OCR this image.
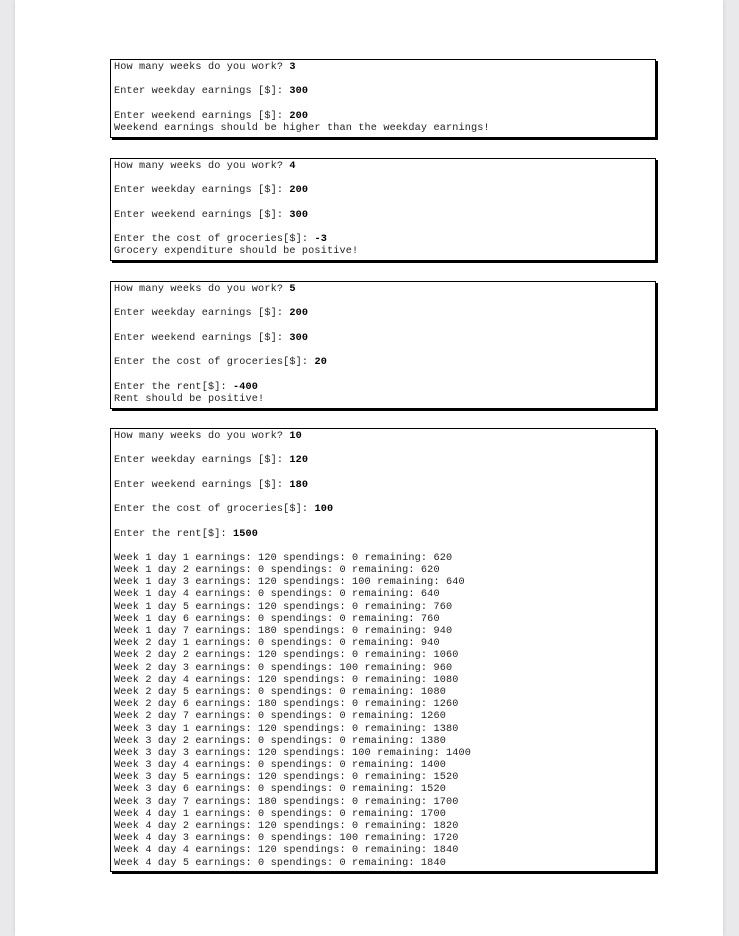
How many weeks do you work? 3
Enter weekday earnings [$]: 300
Enter weekend earnings [$]: 200
Weekend earnings should be higher than the weekday earnings!
How many weeks do you work? 4
Enter weekday earnings [$]: 200
Enter weekend earnings [$]: 300
Enter the cost of groceries[$]: -3
Grocery expenditure should be positive!
How many weeks do you work? 5
Enter weekday earnings [$]: 200
Enter weekend earnings [$]: 300
Enter the cost of groceries[$]: 20
Enter the rent[$]: -400
Rent should be positive!
How many weeks do you work? 10
Enter weekday earnings [$]: 120
Enter weekend earnings [$]: 180
Enter the cost of groceries[$]: 100
Enter the rent[$]: 1500
Week 1 day 1 earnings: 120 spendings: 0 remaining: 620
Week 1 day 2 earnings: 0 spendings: 0 remaining: 620
Week 1 day 3 earnings: 120 spendings: 100 remaining: 640
Week 1 day 4 earnings: 0 spendings: 0 remaining: 640
Week 1 day 5 earnings: 120 spendings: 0 remaining: 760
Week 1 day 6 earnings: 0 spendings: 0 remaining: 760
Week 1 day 7 earnings: 180 spendings: 0 remaining: 940
Week 2 day 1 earnings: 0 spendings: 0 remaining: 940
Week 2 day 2 earnings: 120 spendings: 0 remaining: 1060
Week 2 day 3 earnings: 0 spendings: 100 remaining: 960
Week 2 day 4 earnings: 120 spendings: 0 remaining: 1080
Week 2 day 5 earnings: 0 spendings: 0 remaining: 1080
Week 2 day 6 earnings: 180 spendings: 0 remaining: 1260
Week 2 day 7 earnings: 0 spendings: 0 remaining: 1260
Week 3 day 1 earnings: 120 spendings: 0 remaining: 1380
Week 3 day 2 earnings: 0 spendings: 0 remaining: 1380
Week 3 day 3 earnings: 120 spendings: 100 remaining: 1400
Week 3 day 4 earnings: 0 spendings: 0 remaining: 1400
Week 3 day 5 earnings: 120 spendings: 0 remaining: 1520
Week 3 day 6 earnings: 0 spendings: 0 remaining: 1520
Week 3 day 7 earnings: 180 spendings: 0 remaining: 1700
Week 4 day 1 earnings: 0 spendings: 0 remaining: 1700
Week 4 day 2 earnings: 120 spendings: 0 remaining: 1820
Week 4 day 3 earnings: 0 spendings: 100 remaining: 1720
Week 4 day 4 earnings: 120 spendings: 0 remaining: 1840
Week 4 day 5 earnings: 0 spendings: 0 remaining: 1840
